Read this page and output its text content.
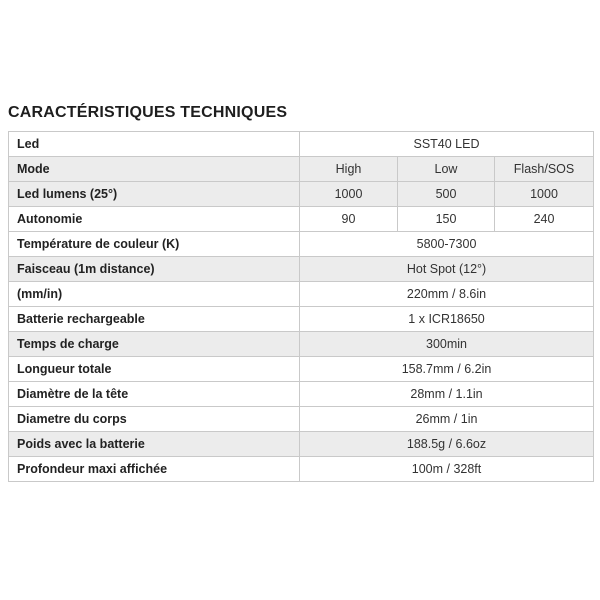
CARACTÉRISTIQUES TECHNIQUES
Led	SST40 LED		
Mode	High	Low	Flash/SOS
Led lumens (25°)	1000	500	1000
Autonomie	90	150	240
Température de couleur (K)	5800-7300		
Faisceau (1m distance)	Hot Spot (12°)		
(mm/in)	220mm / 8.6in		
Batterie rechargeable	1 x ICR18650		
Temps de charge	300min		
Longueur totale	158.7mm / 6.2in		
Diamètre de la tête	28mm / 1.1in		
Diametre du corps	26mm / 1in		
Poids avec la batterie	188.5g / 6.6oz		
Profondeur maxi affichée	100m / 328ft		
